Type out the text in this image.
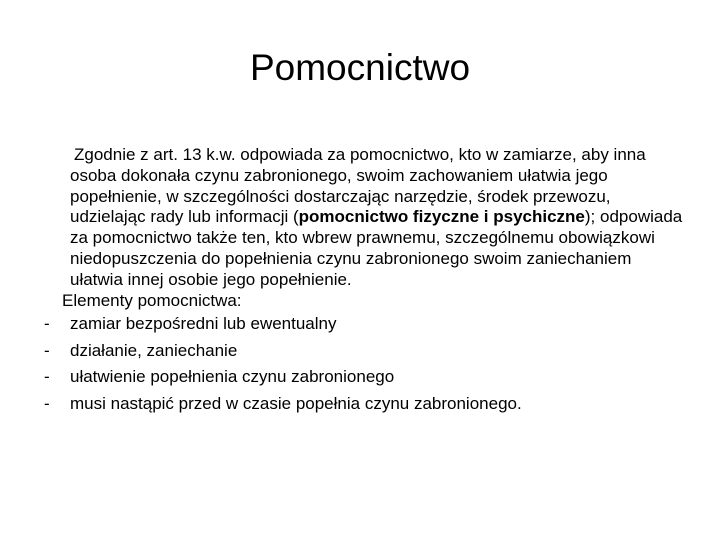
Pomocnictwo

Zgodnie z art. 13 k.w. odpowiada za pomocnictwo, kto w zamiarze, aby inna osoba dokonała czynu zabronionego, swoim zachowaniem ułatwia jego popełnienie, w szczególności dostarczając narzędzie, środek przewozu, udzielając rady lub informacji (pomocnictwo fizyczne i psychiczne); odpowiada za pomocnictwo także ten, kto wbrew prawnemu, szczególnemu obowiązkowi niedopuszczenia do popełnienia czynu zabronionego swoim zaniechaniem ułatwia innej osobie jego popełnienie.

Elementy pomocnictwa:

- zamiar bezpośredni lub ewentualny
- działanie, zaniechanie
- ułatwienie popełnienia czynu zabronionego
- musi nastąpić przed w czasie popełnia czynu zabronionego.
